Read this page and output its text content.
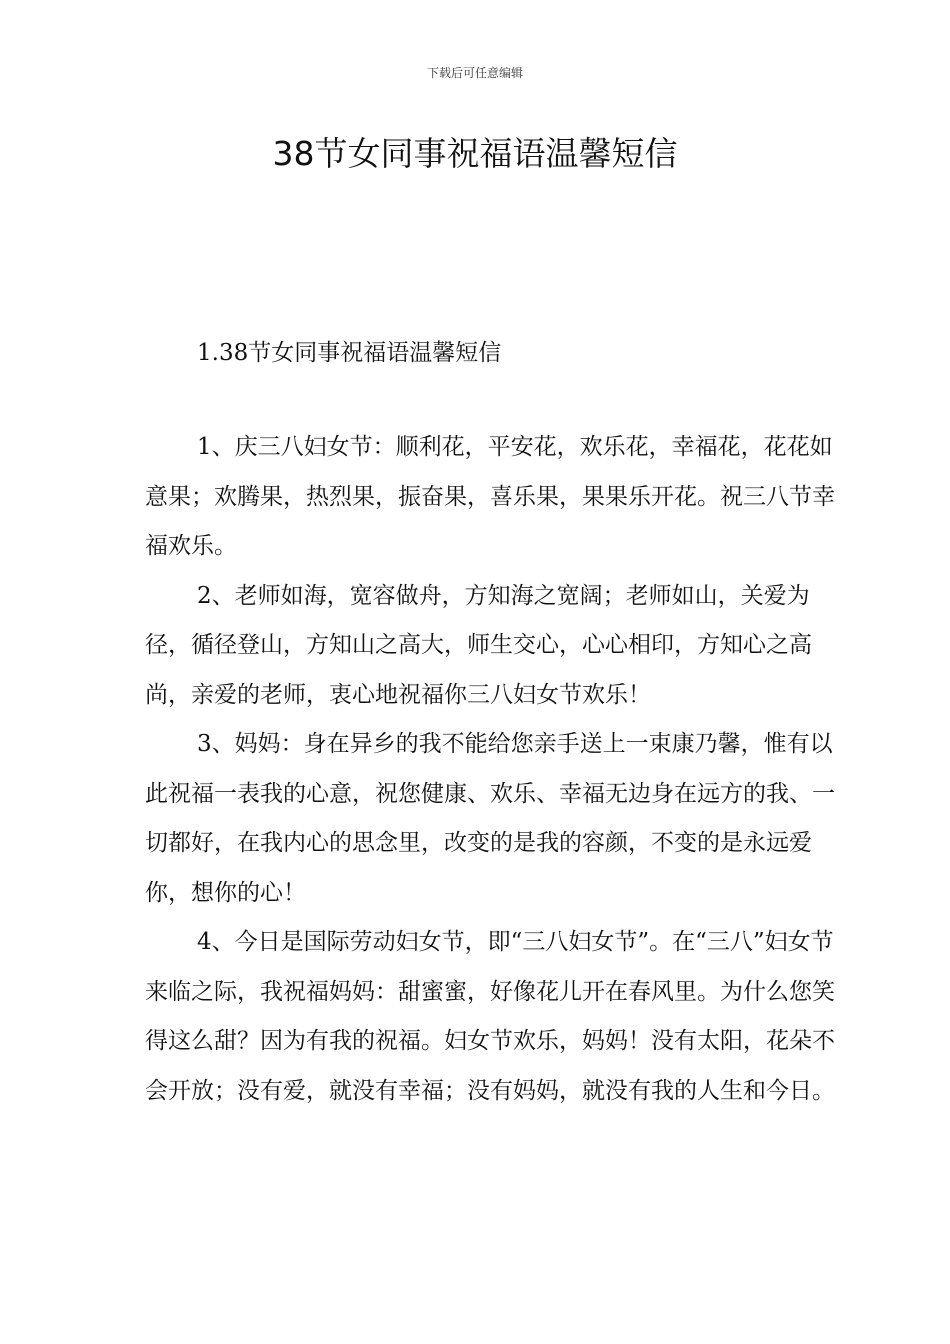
下载后可任意编辑
38节女同事祝福语温馨短信
1.38节女同事祝福语温馨短信

1、庆三八妇女节：顺利花，平安花，欢乐花，幸福花，花花如意果；欢腾果，热烈果，振奋果，喜乐果，果果乐开花。祝三八节幸福欢乐。

2、老师如海，宽容做舟，方知海之宽阔；老师如山，关爱为径，循径登山，方知山之高大，师生交心，心心相印，方知心之高尚，亲爱的老师，衷心地祝福你三八妇女节欢乐！

3、妈妈：身在异乡的我不能给您亲手送上一束康乃馨，惟有以此祝福一表我的心意，祝您健康、欢乐、幸福无边身在远方的我、一切都好，在我内心的思念里，改变的是我的容颜，不变的是永远爱你，想你的心！

4、今日是国际劳动妇女节，即“三八妇女节”。在“三八”妇女节来临之际，我祝福妈妈：甜蜜蜜，好像花儿开在春风里。为什么您笑得这么甜？因为有我的祝福。妇女节欢乐，妈妈！没有太阳，花朵不会开放；没有爱，就没有幸福；没有妈妈，就没有我的人生和今日。
